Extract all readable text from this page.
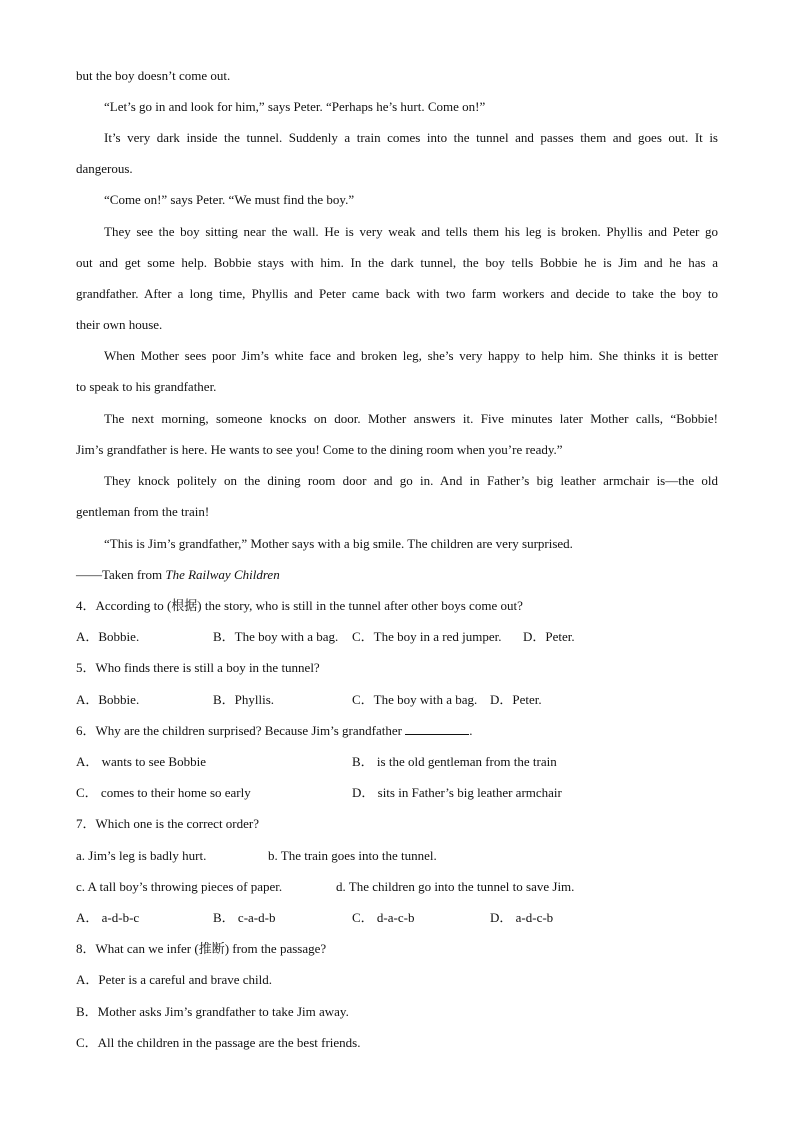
but the boy doesn’t come out.
“Let’s go in and look for him,” says Peter. “Perhaps he’s hurt. Come on!”
It’s very dark inside the tunnel. Suddenly a train comes into the tunnel and passes them and goes out. It is
dangerous.
“Come on!” says Peter. “We must find the boy.”
They see the boy sitting near the wall. He is very weak and tells them his leg is broken. Phyllis and Peter go
out and get some help. Bobbie stays with him. In the dark tunnel, the boy tells Bobbie he is Jim and he has a
grandfather. After a long time, Phyllis and Peter came back with two farm workers and decide to take the boy to
their own house.
When Mother sees poor Jim’s white face and broken leg, she’s very happy to help him. She thinks it is better
to speak to his grandfather.
The next morning, someone knocks on door. Mother answers it. Five minutes later Mother calls, “Bobbie!
Jim’s grandfather is here. He wants to see you! Come to the dining room when you’re ready.”
They knock politely on the dining room door and go in. And in Father’s big leather armchair is—the old
gentleman from the train!
“This is Jim’s grandfather,” Mother says with a big smile. The children are very surprised.
——Taken from The Railway Children
4．According to (根据) the story, who is still in the tunnel after other boys come out?
A．Bobbie.	B．The boy with a bag. C．The boy in a red jumper. D．Peter.
5．Who finds there is still a boy in the tunnel?
A．Bobbie.	B．Phyllis.	C．The boy with a bag. D．Peter.
6．Why are the children surprised? Because Jim’s grandfather	.
A． wants to see Bobbie	B． is the old gentleman from the train
C． comes to their home so early	D． sits in Father’s big leather armchair
7．Which one is the correct order?
a. Jim’s leg is badly hurt.	b. The train goes into the tunnel.
c. A tall boy’s throwing pieces of paper.	d. The children go into the tunnel to save Jim.
A． a-d-b-c	B． c-a-d-b	C． d-a-c-b	D． a-d-c-b
8．What can we infer (推断) from the passage?
A．Peter is a careful and brave child.
B．Mother asks Jim’s grandfather to take Jim away.
C．All the children in the passage are the best friends.
